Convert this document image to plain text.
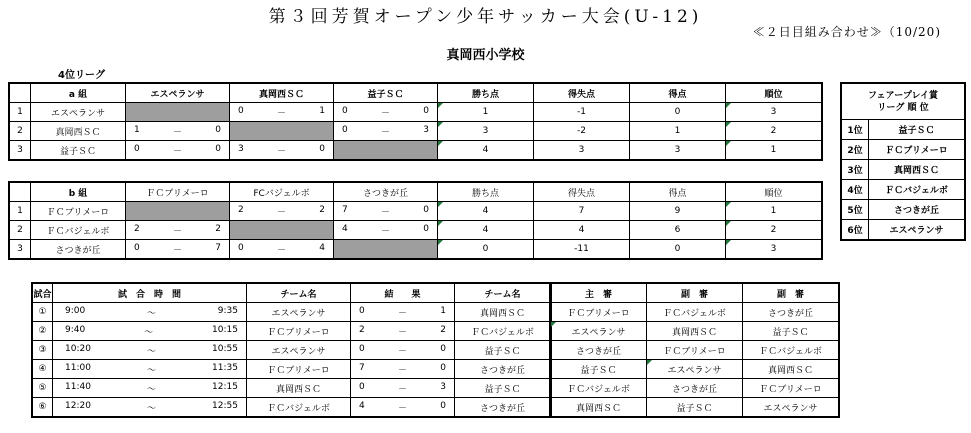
第３回芳賀オープン少年サッカー大会(U-12)
≪２日目組み合わせ≫（10/20)
真岡西小学校
4位リーグ
	a 組	エスペランサ	真岡西ＳＣ	益子ＳＣ	勝ち点	得失点	得点	順位
1	エスペランサ		0 － 1	0 － 0	1	-1	0	3
2	真岡西ＳＣ	1 － 0		0 － 3	3	-2	1	2
3	益子ＳＣ	0 － 0	3 － 0		4	3	3	1
	b 組	ＦＣブリメーロ	FCバジェルボ	さつきが丘	勝ち点	得失点	得点	順位
1	ＦＣブリメーロ		2 － 2	7 － 0	4	7	9	1
2	ＦＣバジェルボ	2 － 2		4 － 0	4	4	6	2
3	さつきが丘	0 － 7	0 － 4		0	-11	0	3
フェアープレイ賞
リーグ 順 位	

1位	益子ＳＣ
2位	ＦＣブリメーロ
3位	真岡西ＳＣ
4位	ＦＣバジェルボ
5位	さつきが丘
6位	エスペランサ
試合	試　合　時　間	チーム名	結　　果	チーム名
①	9:00 ～ 9:35	エスペランサ	0 － 1	真岡西ＳＣ
②	9:40 ～ 10:15	ＦＣブリメーロ	2 － 2	ＦＣバジェルボ
③	10:20 ～ 10:55	エスペランサ	0 － 0	益子ＳＣ
④	11:00 ～ 11:35	ＦＣブリメーロ	7 － 0	さつきが丘
⑤	11:40 ～ 12:15	真岡西ＳＣ	0 － 3	益子ＳＣ
⑥	12:20 ～ 12:55	ＦＣバジェルボ	4 － 0	さつきが丘
主　審	副　審	副　審
ＦＣブリメーロ	ＦＣバジェルボ	さつきが丘
エスペランサ	真岡西ＳＣ	益子ＳＣ
さつきが丘	ＦＣブリメーロ	ＦＣバジェルボ
益子ＳＣ	エスペランサ	真岡西ＳＣ
ＦＣバジェルボ	さつきが丘	ＦＣブリメーロ
真岡西ＳＣ	益子ＳＣ	エスペランサ
